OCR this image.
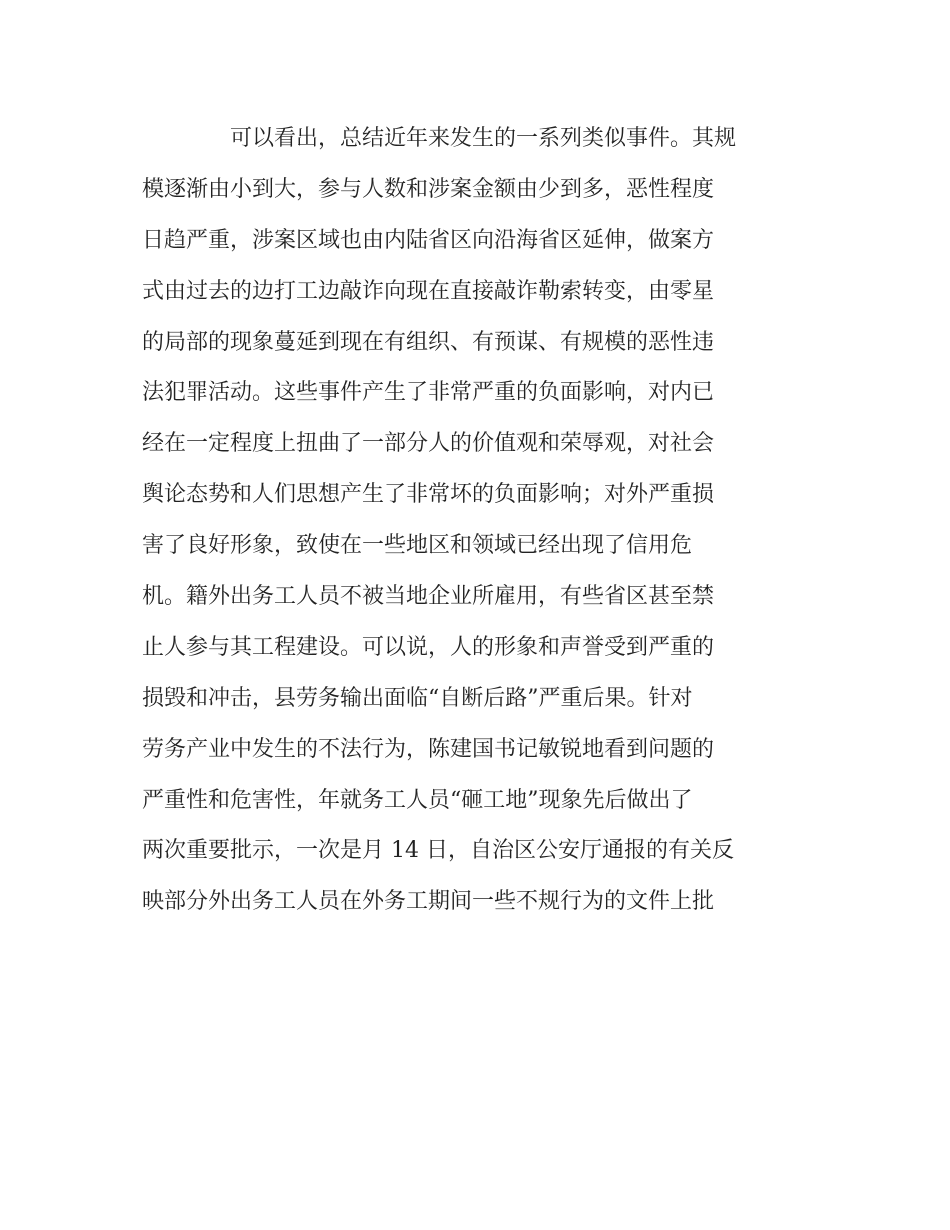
可以看出，总结近年来发生的一系列类似事件。其规
模逐渐由小到大，参与人数和涉案金额由少到多，恶性程度
日趋严重，涉案区域也由内陆省区向沿海省区延伸，做案方
式由过去的边打工边敲诈向现在直接敲诈勒索转变，由零星
的局部的现象蔓延到现在有组织、有预谋、有规模的恶性违
法犯罪活动。这些事件产生了非常严重的负面影响，对内已
经在一定程度上扭曲了一部分人的价值观和荣辱观，对社会
舆论态势和人们思想产生了非常坏的负面影响；对外严重损
害了良好形象，致使在一些地区和领域已经出现了信用危
机。籍外出务工人员不被当地企业所雇用，有些省区甚至禁
止人参与其工程建设。可以说，人的形象和声誉受到严重的
损毁和冲击，县劳务输出面临“自断后路”严重后果。针对
劳务产业中发生的不法行为，陈建国书记敏锐地看到问题的
严重性和危害性，年就务工人员“砸工地”现象先后做出了
两次重要批示，一次是月 14 日，自治区公安厅通报的有关反
映部分外出务工人员在外务工期间一些不规行为的文件上批
